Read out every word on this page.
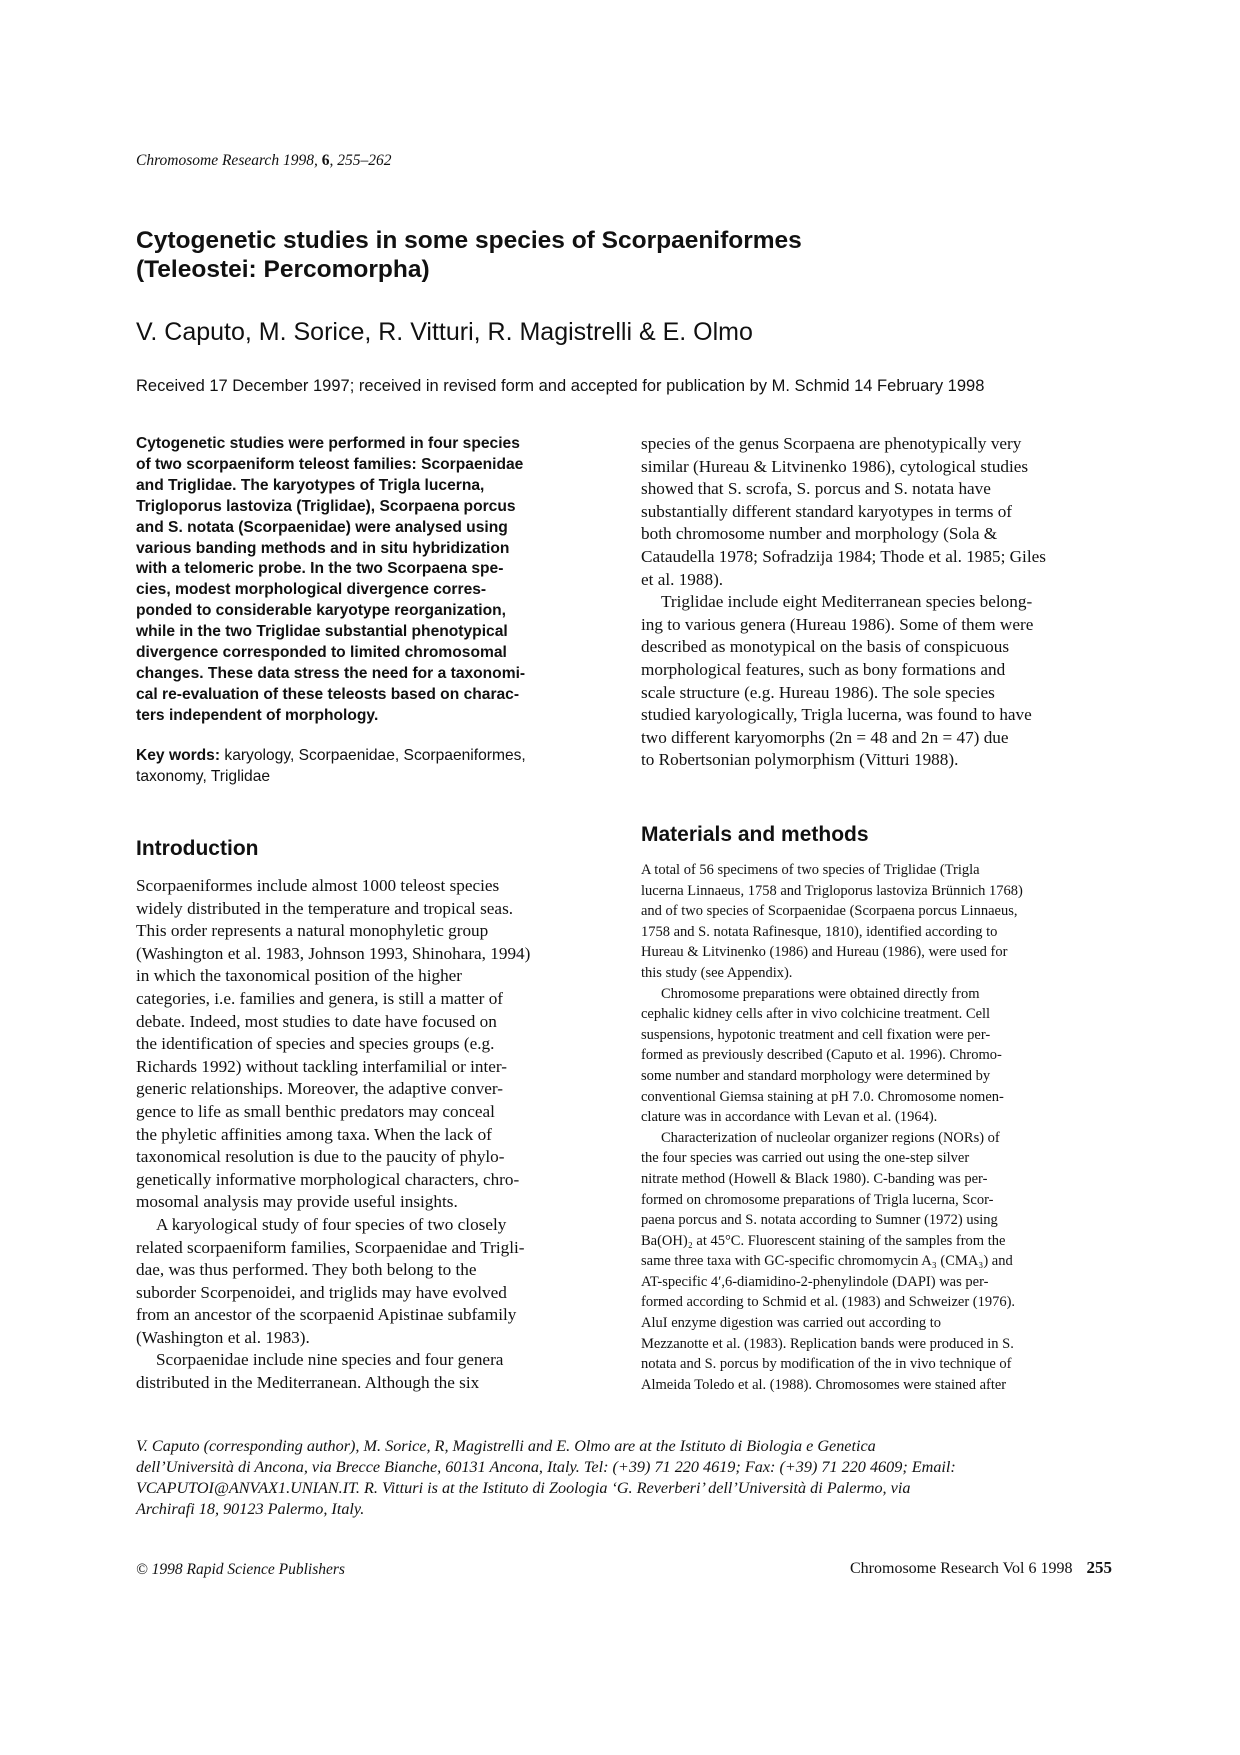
Chromosome Research 1998, 6, 255–262
Cytogenetic studies in some species of Scorpaeniformes
(Teleostei: Percomorpha)
V. Caputo, M. Sorice, R. Vitturi, R. Magistrelli & E. Olmo
Received 17 December 1997; received in revised form and accepted for publication by M. Schmid 14 February 1998
Cytogenetic studies were performed in four species
of two scorpaeniform teleost families: Scorpaenidae
and Triglidae. The karyotypes of Trigla lucerna,
Trigloporus lastoviza (Triglidae), Scorpaena porcus
and S. notata (Scorpaenidae) were analysed using
various banding methods and in situ hybridization
with a telomeric probe. In the two Scorpaena spe-
cies, modest morphological divergence corres-
ponded to considerable karyotype reorganization,
while in the two Triglidae substantial phenotypical
divergence corresponded to limited chromosomal
changes. These data stress the need for a taxonomi-
cal re-evaluation of these teleosts based on charac-
ters independent of morphology.
Key words: karyology, Scorpaenidae, Scorpaeniformes,
taxonomy, Triglidae
Introduction
Scorpaeniformes include almost 1000 teleost species
widely distributed in the temperature and tropical seas.
This order represents a natural monophyletic group
(Washington et al. 1983, Johnson 1993, Shinohara, 1994)
in which the taxonomical position of the higher
categories, i.e. families and genera, is still a matter of
debate. Indeed, most studies to date have focused on
the identification of species and species groups (e.g.
Richards 1992) without tackling interfamilial or inter-
generic relationships. Moreover, the adaptive conver-
gence to life as small benthic predators may conceal
the phyletic affinities among taxa. When the lack of
taxonomical resolution is due to the paucity of phylo-
genetically informative morphological characters, chro-
mosomal analysis may provide useful insights.
A karyological study of four species of two closely
related scorpaeniform families, Scorpaenidae and Trigli-
dae, was thus performed. They both belong to the
suborder Scorpenoidei, and triglids may have evolved
from an ancestor of the scorpaenid Apistinae subfamily
(Washington et al. 1983).
Scorpaenidae include nine species and four genera
distributed in the Mediterranean. Although the six
species of the genus Scorpaena are phenotypically very
similar (Hureau & Litvinenko 1986), cytological studies
showed that S. scrofa, S. porcus and S. notata have
substantially different standard karyotypes in terms of
both chromosome number and morphology (Sola &
Cataudella 1978; Sofradzija 1984; Thode et al. 1985; Giles
et al. 1988).
Triglidae include eight Mediterranean species belong-
ing to various genera (Hureau 1986). Some of them were
described as monotypical on the basis of conspicuous
morphological features, such as bony formations and
scale structure (e.g. Hureau 1986). The sole species
studied karyologically, Trigla lucerna, was found to have
two different karyomorphs (2n = 48 and 2n = 47) due
to Robertsonian polymorphism (Vitturi 1988).
Materials and methods
A total of 56 specimens of two species of Triglidae (Trigla
lucerna Linnaeus, 1758 and Trigloporus lastoviza Brünnich 1768)
and of two species of Scorpaenidae (Scorpaena porcus Linnaeus,
1758 and S. notata Rafinesque, 1810), identified according to
Hureau & Litvinenko (1986) and Hureau (1986), were used for
this study (see Appendix).
Chromosome preparations were obtained directly from
cephalic kidney cells after in vivo colchicine treatment. Cell
suspensions, hypotonic treatment and cell fixation were per-
formed as previously described (Caputo et al. 1996). Chromo-
some number and standard morphology were determined by
conventional Giemsa staining at pH 7.0. Chromosome nomen-
clature was in accordance with Levan et al. (1964).
Characterization of nucleolar organizer regions (NORs) of
the four species was carried out using the one-step silver
nitrate method (Howell & Black 1980). C-banding was per-
formed on chromosome preparations of Trigla lucerna, Scor-
paena porcus and S. notata according to Sumner (1972) using
Ba(OH)₂ at 45°C. Fluorescent staining of the samples from the
same three taxa with GC-specific chromomycin A₃ (CMA₃) and
AT-specific 4′,6-diamidino-2-phenylindole (DAPI) was per-
formed according to Schmid et al. (1983) and Schweizer (1976).
AluI enzyme digestion was carried out according to
Mezzanotte et al. (1983). Replication bands were produced in S.
notata and S. porcus by modification of the in vivo technique of
Almeida Toledo et al. (1988). Chromosomes were stained after
V. Caputo (corresponding author), M. Sorice, R, Magistrelli and E. Olmo are at the Istituto di Biologia e Genetica
dell’Università di Ancona, via Brecce Bianche, 60131 Ancona, Italy. Tel: (+39) 71 220 4619; Fax: (+39) 71 220 4609; Email:
VCAPUTOI@ANVAX1.UNIAN.IT. R. Vitturi is at the Istituto di Zoologia ‘G. Reverberi’ dell’Università di Palermo, via
Archirafi 18, 90123 Palermo, Italy.
© 1998 Rapid Science Publishers	Chromosome Research Vol 6 1998 255
